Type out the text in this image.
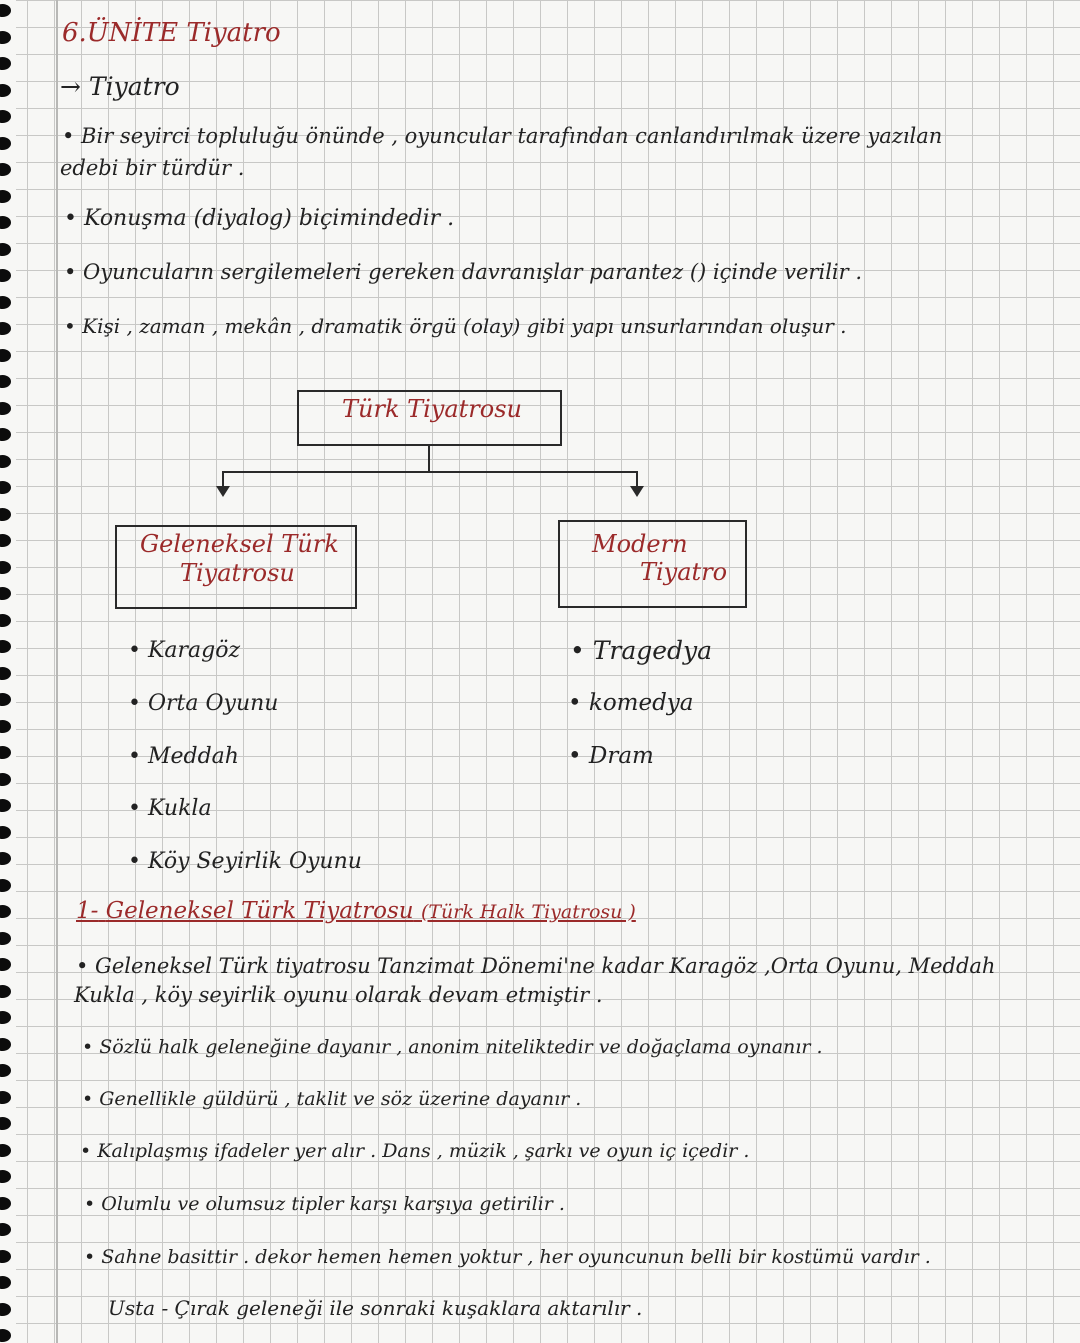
6.ÜNİTE Tiyatro
→ Tiyatro
• Bir seyirci topluluğu önünde , oyuncular tarafından canlandırılmak üzere yazılan
edebi bir türdür .
• Konuşma (diyalog) biçimindedir .
• Oyuncuların sergilemeleri gereken davranışlar parantez () içinde verilir .
• Kişi , zaman , mekân , dramatik örgü (olay) gibi yapı unsurlarından oluşur .
Türk Tiyatrosu
Geleneksel Türk
Tiyatrosu
Modern
Tiyatro
• Karagöz
• Orta Oyunu
• Meddah
• Kukla
• Köy Seyirlik Oyunu
• Tragedya
• komedya
• Dram
1- Geleneksel Türk Tiyatrosu (Türk Halk Tiyatrosu )
• Geleneksel Türk tiyatrosu Tanzimat Dönemi'ne kadar Karagöz ,Orta Oyunu, Meddah
Kukla , köy seyirlik oyunu olarak devam etmiştir .
• Sözlü halk geleneğine dayanır , anonim niteliktedir ve doğaçlama oynanır .
• Genellikle güldürü , taklit ve söz üzerine dayanır .
• Kalıplaşmış ifadeler yer alır . Dans , müzik , şarkı ve oyun iç içedir .
• Olumlu ve olumsuz tipler karşı karşıya getirilir .
• Sahne basittir . dekor hemen hemen yoktur , her oyuncunun belli bir kostümü vardır .
Usta - Çırak geleneği ile sonraki kuşaklara aktarılır .
